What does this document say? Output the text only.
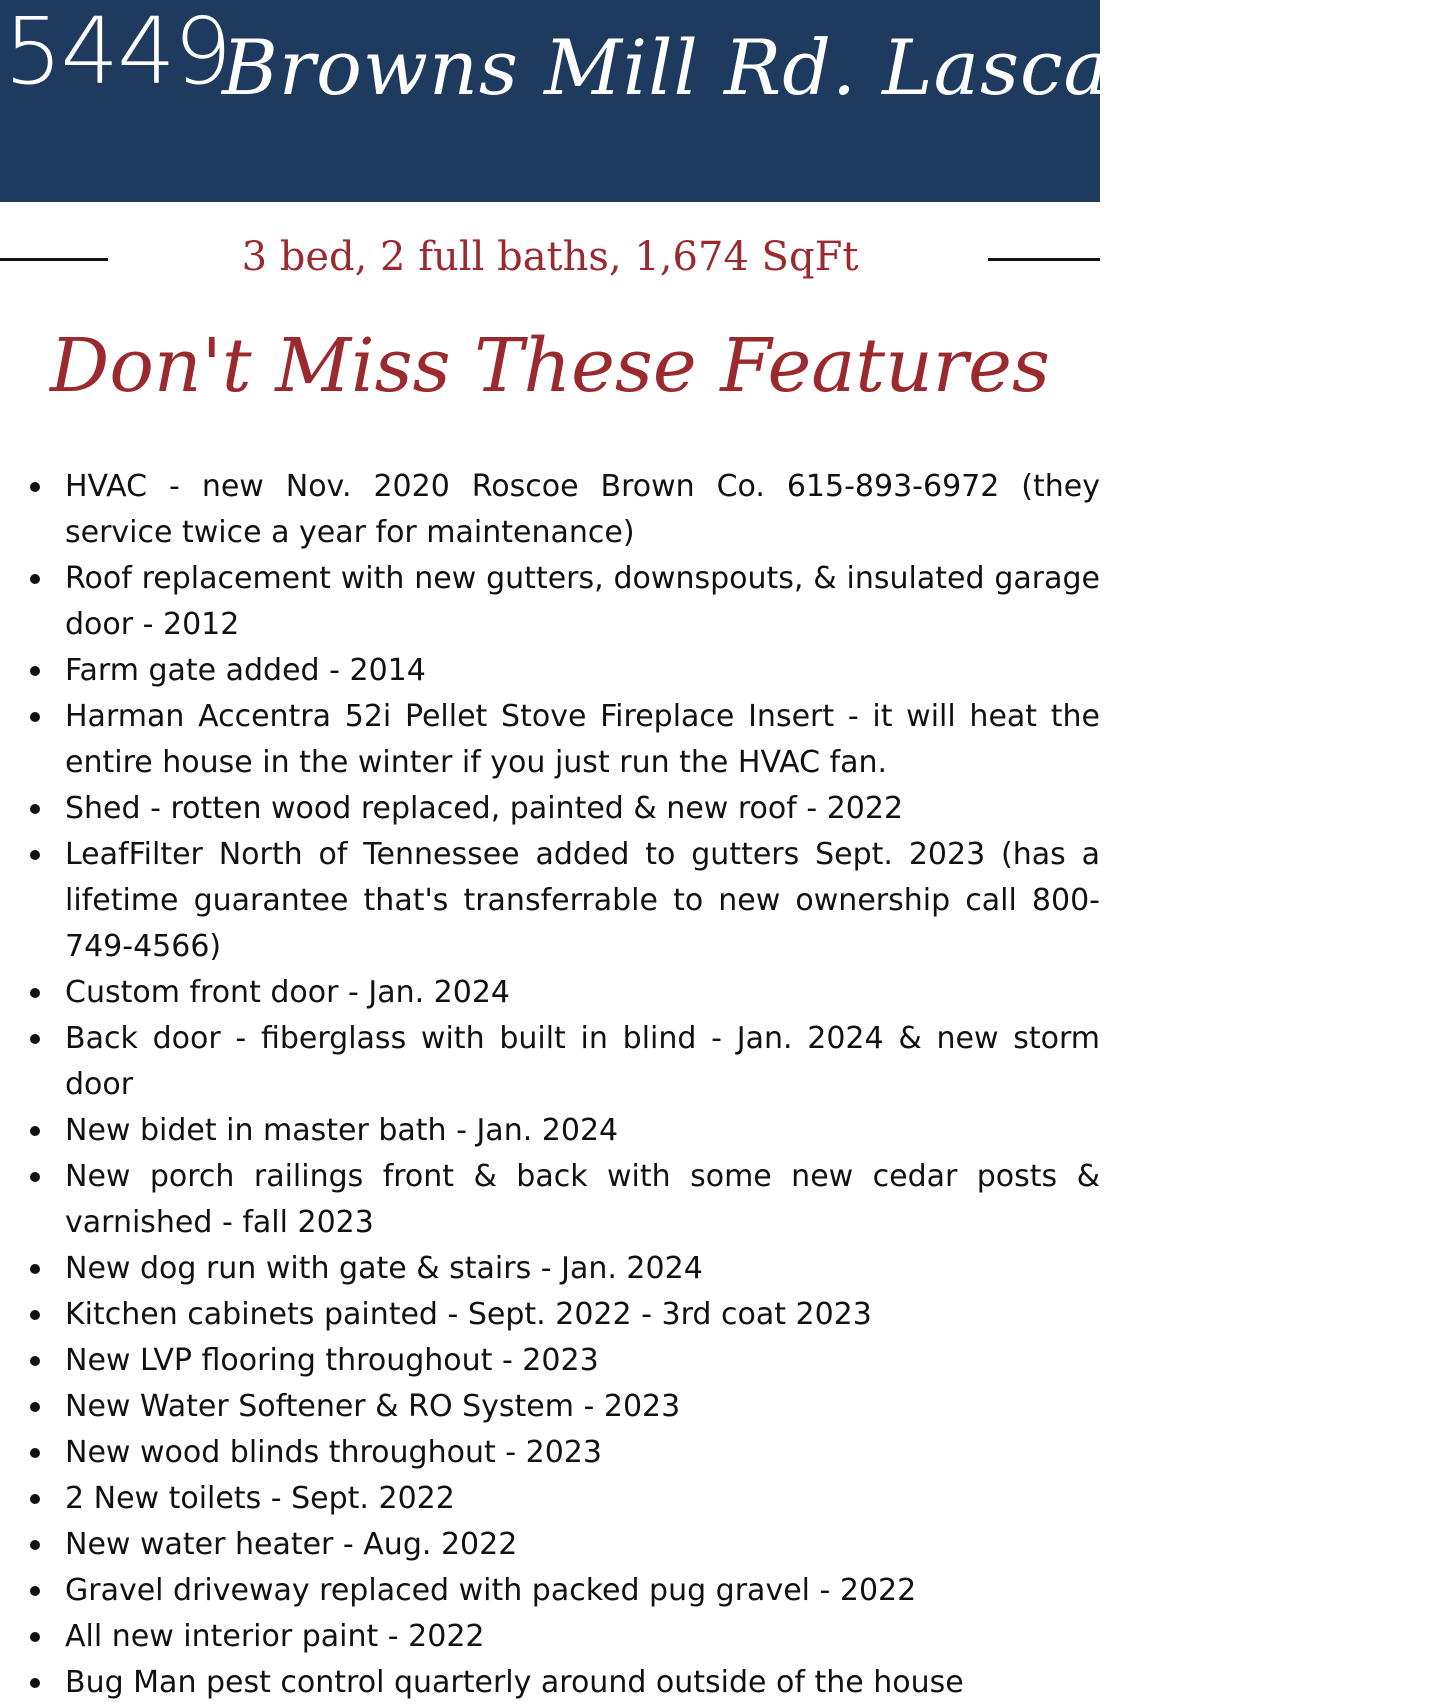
5449
Browns Mill Rd. Lascassas, TN
3 bed, 2 full baths, 1,674 SqFt
Don't Miss These Features
HVAC - new Nov. 2020 Roscoe Brown Co. 615-893-6972 (they service twice a year for maintenance)
Roof replacement with new gutters, downspouts, & insulated garage door - 2012
Farm gate added - 2014
Harman Accentra 52i Pellet Stove Fireplace Insert - it will heat the entire house in the winter if you just run the HVAC fan.
Shed - rotten wood replaced, painted & new roof - 2022
LeafFilter North of Tennessee added to gutters Sept. 2023 (has a lifetime guarantee that's transferrable to new ownership call 800-749-4566)
Custom front door - Jan. 2024
Back door - fiberglass with built in blind - Jan. 2024 & new storm door
New bidet in master bath - Jan. 2024
New porch railings front & back with some new cedar posts & varnished - fall 2023
New dog run with gate & stairs - Jan. 2024
Kitchen cabinets painted - Sept. 2022 - 3rd coat 2023
New LVP flooring throughout - 2023
New Water Softener & RO System - 2023
New wood blinds throughout - 2023
2 New toilets - Sept. 2022
New water heater - Aug. 2022
Gravel driveway replaced with packed pug gravel - 2022
All new interior paint - 2022
Bug Man pest control quarterly around outside of the house
